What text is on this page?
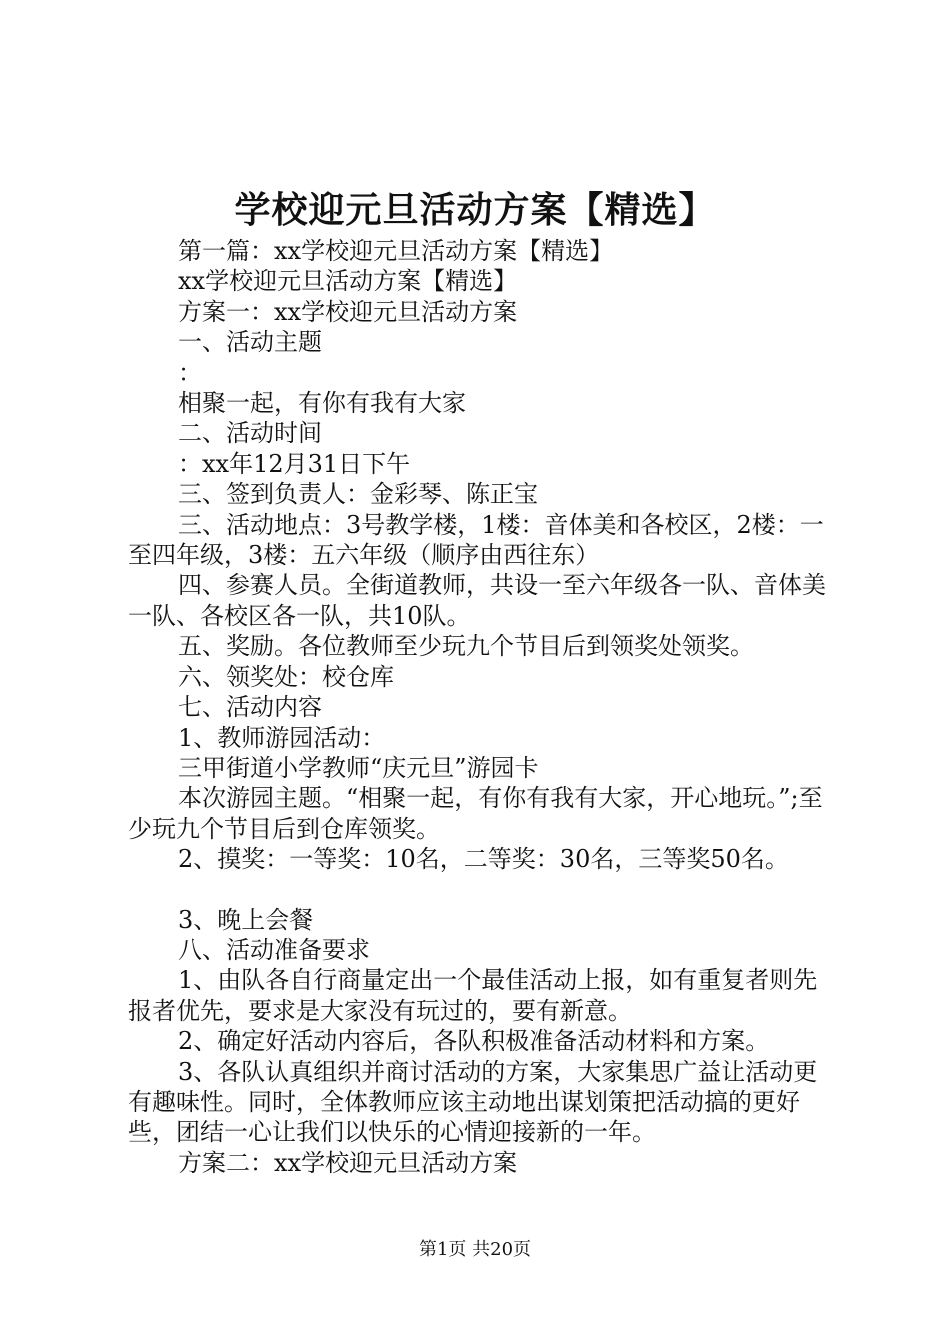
学校迎元旦活动方案【精选】

第一篇：xx学校迎元旦活动方案【精选】

xx学校迎元旦活动方案【精选】

方案一：xx学校迎元旦活动方案

一、活动主题

：

相聚一起，有你有我有大家

二、活动时间

：xx年12月31日下午

三、签到负责人：金彩琴、陈正宝

三、活动地点：3号教学楼，1楼：音体美和各校区，2楼：一至四年级，3楼：五六年级（顺序由西往东）

四、参赛人员。全街道教师，共设一至六年级各一队、音体美一队、各校区各一队，共10队。

五、奖励。各位教师至少玩九个节目后到领奖处领奖。

六、领奖处：校仓库

七、活动内容

1、教师游园活动：

三甲街道小学教师“庆元旦”游园卡

本次游园主题。“相聚一起，有你有我有大家，开心地玩。”;至少玩九个节目后到仓库领奖。

2、摸奖：一等奖：10名，二等奖：30名，三等奖50名。

3、晚上会餐

八、活动准备要求

1、由队各自行商量定出一个最佳活动上报，如有重复者则先报者优先，要求是大家没有玩过的，要有新意。

2、确定好活动内容后，各队积极准备活动材料和方案。

3、各队认真组织并商讨活动的方案，大家集思广益让活动更有趣味性。同时，全体教师应该主动地出谋划策把活动搞的更好些，团结一心让我们以快乐的心情迎接新的一年。

方案二：xx学校迎元旦活动方案

第1页 共20页
